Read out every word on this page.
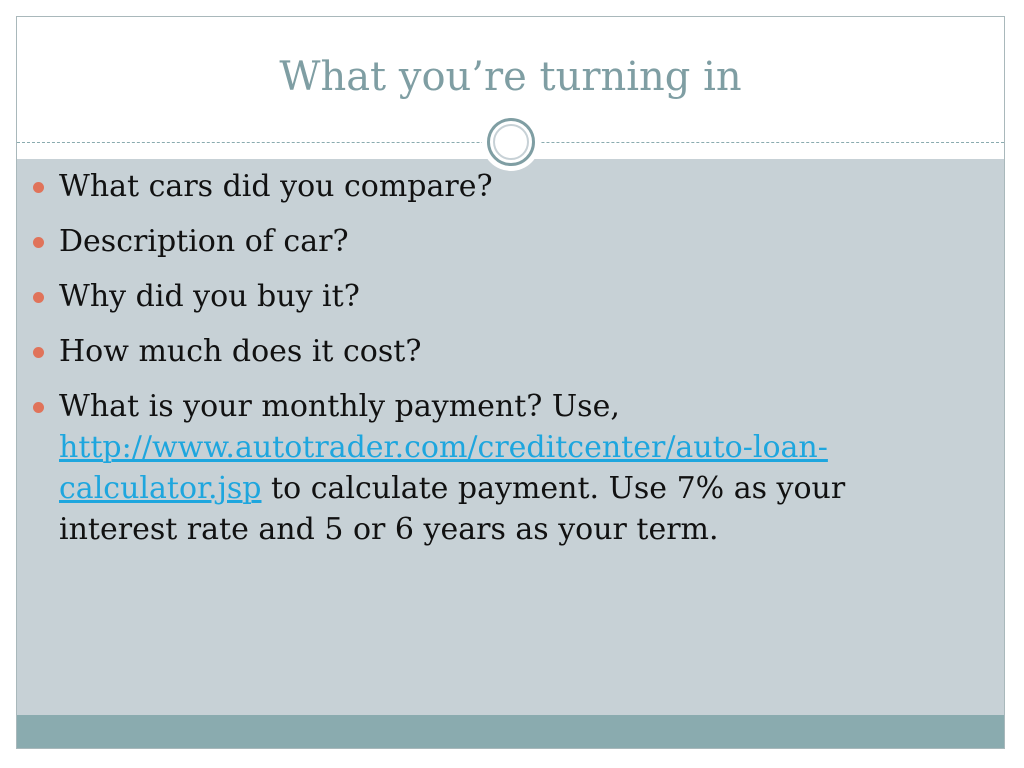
What you’re turning in
What cars did you compare?
Description of car?
Why did you buy it?
How much does it cost?
What is your monthly payment? Use, http://www.autotrader.com/creditcenter/auto-loan-calculator.jsp to calculate payment. Use 7% as your interest rate and 5 or 6 years as your term.
